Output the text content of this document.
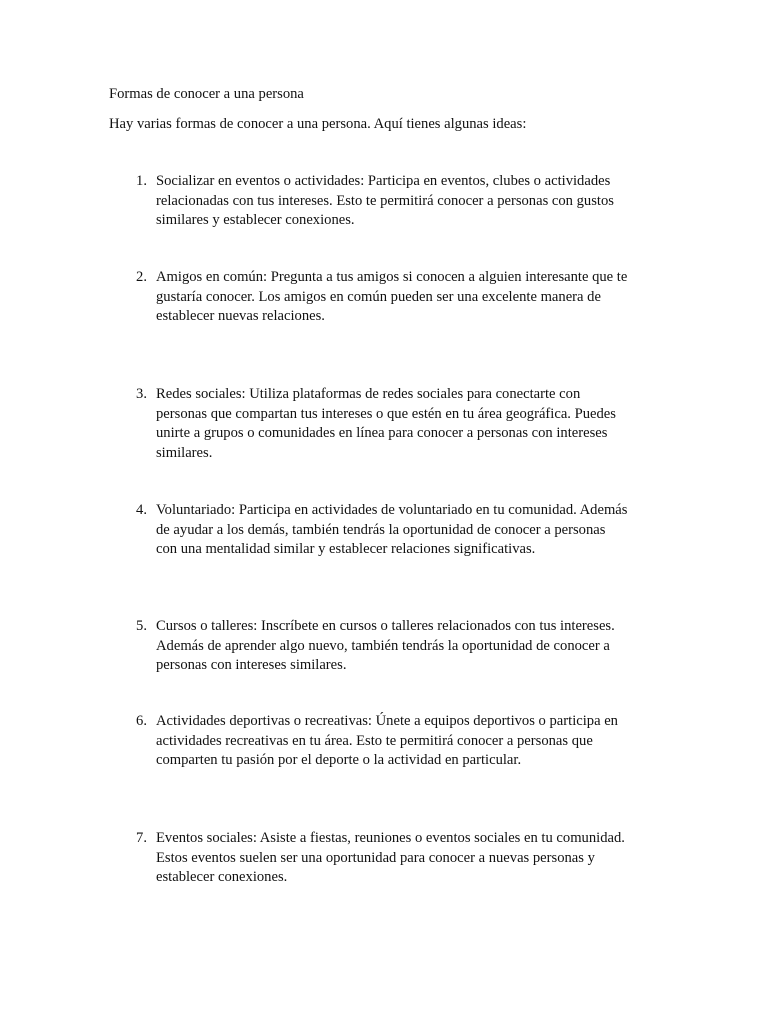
Formas de conocer a una persona
Hay varias formas de conocer a una persona. Aquí tienes algunas ideas:
1. Socializar en eventos o actividades: Participa en eventos, clubes o actividades
relacionadas con tus intereses. Esto te permitirá conocer a personas con gustos
similares y establecer conexiones.
2. Amigos en común: Pregunta a tus amigos si conocen a alguien interesante que te
gustaría conocer. Los amigos en común pueden ser una excelente manera de
establecer nuevas relaciones.
3. Redes sociales: Utiliza plataformas de redes sociales para conectarte con
personas que compartan tus intereses o que estén en tu área geográfica. Puedes
unirte a grupos o comunidades en línea para conocer a personas con intereses
similares.
4. Voluntariado: Participa en actividades de voluntariado en tu comunidad. Además
de ayudar a los demás, también tendrás la oportunidad de conocer a personas
con una mentalidad similar y establecer relaciones significativas.
5. Cursos o talleres: Inscríbete en cursos o talleres relacionados con tus intereses.
Además de aprender algo nuevo, también tendrás la oportunidad de conocer a
personas con intereses similares.
6. Actividades deportivas o recreativas: Únete a equipos deportivos o participa en
actividades recreativas en tu área. Esto te permitirá conocer a personas que
comparten tu pasión por el deporte o la actividad en particular.
7. Eventos sociales: Asiste a fiestas, reuniones o eventos sociales en tu comunidad.
Estos eventos suelen ser una oportunidad para conocer a nuevas personas y
establecer conexiones.
